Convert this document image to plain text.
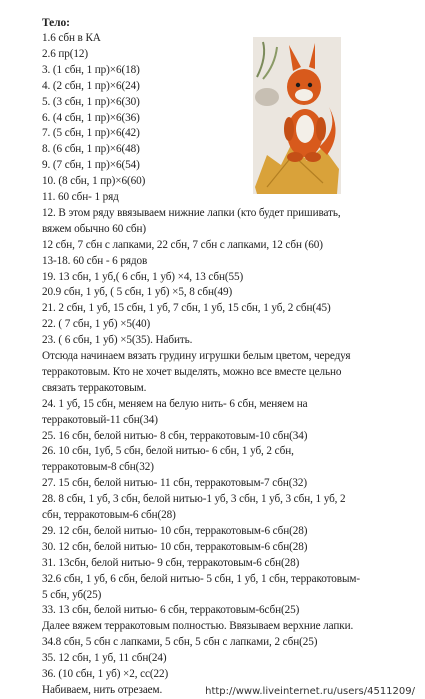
Тело:
1.6 сбн в КА
2.6 пр(12)
3. (1 сбн, 1 пр)×6(18)
4. (2 сбн, 1 пр)×6(24)
5. (3 сбн, 1 пр)×6(30)
6. (4 сбн, 1 пр)×6(36)
7. (5 сбн, 1 пр)×6(42)
8. (6 сбн, 1 пр)×6(48)
9. (7 сбн, 1 пр)×6(54)
10. (8 сбн, 1 пр)×6(60)
11. 60 сбн- 1 ряд
12. В этом ряду ввязываем нижние лапки (кто будет пришивать,
вяжем обычно 60 сбн)
12 сбн, 7 сбн с лапками, 22 сбн, 7 сбн с лапками, 12 сбн (60)
13-18. 60 сбн - 6 рядов
19. 13 сбн, 1 уб,( 6 сбн, 1 уб) ×4, 13 сбн(55)
20.9 сбн, 1 уб, ( 5 сбн, 1 уб) ×5, 8 сбн(49)
21. 2 сбн, 1 уб, 15 сбн, 1 уб, 7 сбн, 1 уб, 15 сбн, 1 уб, 2 сбн(45)
22. ( 7 сбн, 1 уб) ×5(40)
23. ( 6 сбн, 1 уб) ×5(35). Набить.
Отсюда начинаем вязать грудину игрушки белым цветом, чередуя
терракотовым. Кто не хочет выделять, можно все вместе цельно
связать терракотовым.
24. 1 уб, 15 сбн, меняем на белую нить- 6 сбн, меняем на
терракотовый-11 сбн(34)
25. 16 сбн, белой нитью- 8 сбн, терракотовым-10 сбн(34)
26. 10 сбн, 1уб, 5 сбн, белой нитью- 6 сбн, 1 уб, 2 сбн,
терракотовым-8 сбн(32)
27. 15 сбн, белой нитью- 11 сбн, терракотовым-7 сбн(32)
28. 8 сбн, 1 уб, 3 сбн, белой нитью-1 уб, 3 сбн, 1 уб, 3 сбн, 1 уб, 2
сбн, терракотовым-6 сбн(28)
29. 12 сбн, белой нитью- 10 сбн, терракотовым-6 сбн(28)
30. 12 сбн, белой нитью- 10 сбн, терракотовым-6 сбн(28)
31. 13сбн, белой нитью- 9 сбн, терракотовым-6 сбн(28)
32.6 сбн, 1 уб, 6 сбн, белой нитью- 5 сбн, 1 уб, 1 сбн, терракотовым-
5 сбн, уб(25)
33. 13 сбн, белой нитью- 6 сбн, терракотовым-6сбн(25)
Далее вяжем терракотовым полностью. Ввязываем верхние лапки.
34.8 сбн, 5 сбн с лапками, 5 сбн, 5 сбн с лапками, 2 сбн(25)
35. 12 сбн, 1 уб, 11 сбн(24)
36. (10 сбн, 1 уб) ×2, сс(22)
Набиваем, нить отрезаем.	http://www.liveinternet.ru/users/4511209/
